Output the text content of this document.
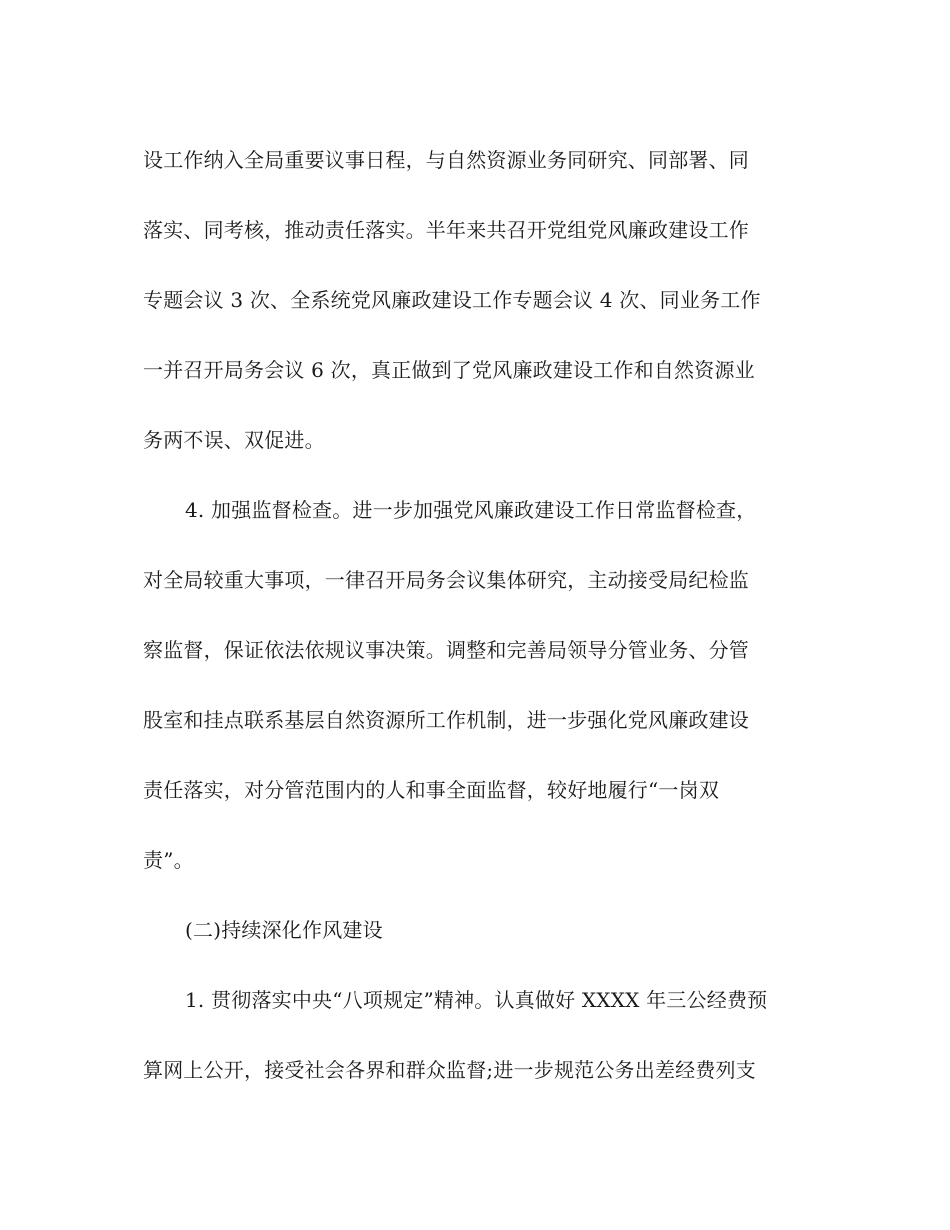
设工作纳入全局重要议事日程，与自然资源业务同研究、同部署、同
落实、同考核，推动责任落实。半年来共召开党组党风廉政建设工作
专题会议 3 次、全系统党风廉政建设工作专题会议 4 次、同业务工作
一并召开局务会议 6 次，真正做到了党风廉政建设工作和自然资源业
务两不误、双促进。
4. 加强监督检查。进一步加强党风廉政建设工作日常监督检查，
对全局较重大事项，一律召开局务会议集体研究，主动接受局纪检监
察监督，保证依法依规议事决策。调整和完善局领导分管业务、分管
股室和挂点联系基层自然资源所工作机制，进一步强化党风廉政建设
责任落实，对分管范围内的人和事全面监督，较好地履行“一岗双
责”。
(二)持续深化作风建设
1. 贯彻落实中央“八项规定”精神。认真做好 XXXX 年三公经费预
算网上公开，接受社会各界和群众监督;进一步规范公务出差经费列支
